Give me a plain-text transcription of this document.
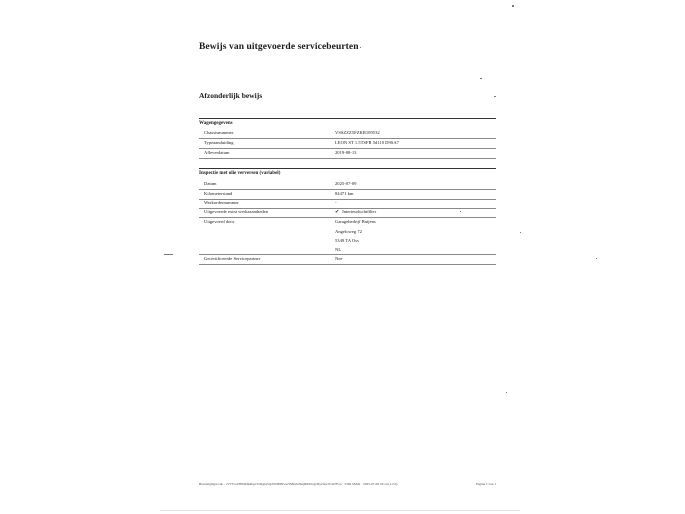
Bewijs van uitgevoerde servicebeurten
Afzonderlijk bewijs
Wagengegevens
Chassisnummer	VSSZZZ5FZKR109532
Typeaanduiding	LEON ST 1.5TSFR 5d110 D9SA7
Afleverdatum	2019-08-13
Inspectie met olie verversen (variabel)
Datum	2025-07-09
Kilometerstand	84471 km
Werkordernummer	-
Uitgevoerde extra werkzaamheden	✔ Interieurluchtfilter
Uitgevoerd door	Garagebedrijf Buijens
Angeloweg 72
5349 TA Oss
NL
Gecertificeerde Servicepartner	Nee
Bevestigingscode - cVTVwd38b3kfk4fqrrZvRgbs5Q2WM9Nvuc5Mfa5s5kQ8tDOcgO9yr3ewlV4n7Fou · 5349 SM42 · 2025-07-09 16:14 (1.2.0)	Pagina 1 van 1
